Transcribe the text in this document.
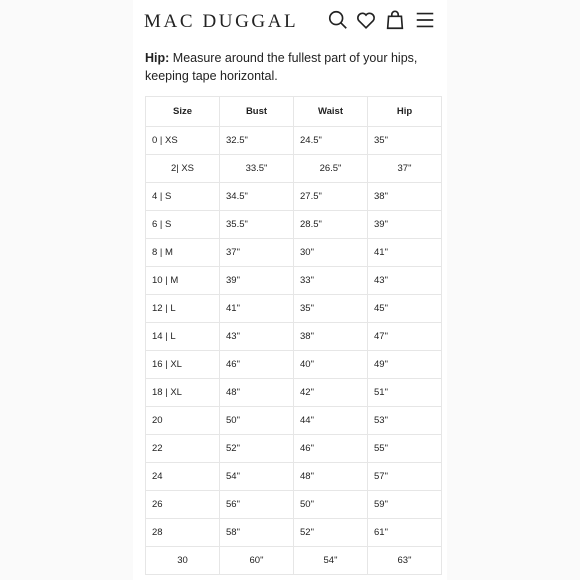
MAC DUGGAL

Hip: Measure around the fullest part of your hips, keeping tape horizontal.

Size	Bust	Waist	Hip
0 | XS	32.5"	24.5"	35"
2| XS	33.5"	26.5"	37"
4 | S	34.5"	27.5"	38"
6 | S	35.5"	28.5"	39"
8 | M	37"	30"	41"
10 | M	39"	33"	43"
12 | L	41"	35"	45"
14 | L	43"	38"	47"
16 | XL	46"	40"	49"
18 | XL	48"	42"	51"
20	50"	44"	53"
22	52"	46"	55"
24	54"	48"	57"
26	56"	50"	59"
28	58"	52"	61"
30	60"	54"	63"
